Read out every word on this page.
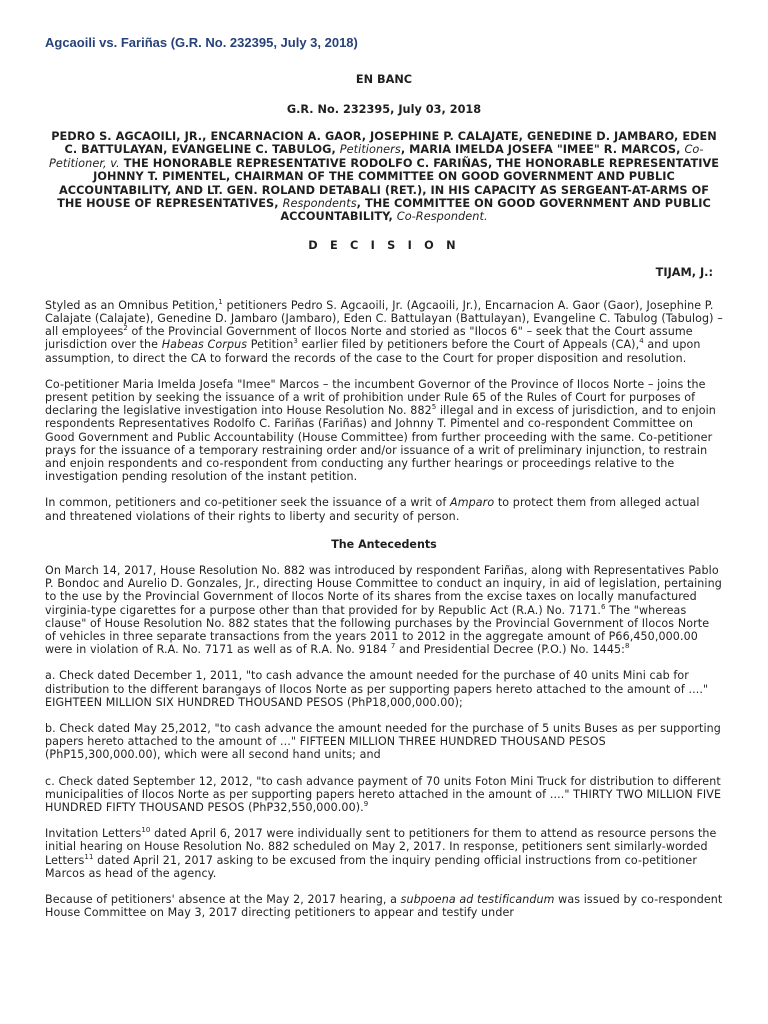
Agcaoili vs. Fariñas (G.R. No. 232395, July 3, 2018)
EN BANC
G.R. No. 232395, July 03, 2018
PEDRO S. AGCAOILI, JR., ENCARNACION A. GAOR, JOSEPHINE P. CALAJATE, GENEDINE D. JAMBARO, EDEN C. BATTULAYAN, EVANGELINE C. TABULOG, Petitioners, MARIA IMELDA JOSEFA "IMEE" R. MARCOS, Co-Petitioner, v. THE HONORABLE REPRESENTATIVE RODOLFO C. FARIÑAS, THE HONORABLE REPRESENTATIVE JOHNNY T. PIMENTEL, CHAIRMAN OF THE COMMITTEE ON GOOD GOVERNMENT AND PUBLIC ACCOUNTABILITY, AND LT. GEN. ROLAND DETABALI (RET.), IN HIS CAPACITY AS SERGEANT-AT-ARMS OF THE HOUSE OF REPRESENTATIVES, Respondents, THE COMMITTEE ON GOOD GOVERNMENT AND PUBLIC ACCOUNTABILITY, Co-Respondent.
D E C I S I O N
TIJAM, J.:

Styled as an Omnibus Petition,$^1$ petitioners Pedro S. Agcaoili, Jr. (Agcaoili, Jr.), Encarnacion A. Gaor (Gaor), Josephine P. Calajate (Calajate), Genedine D. Jambaro (Jambaro), Eden C. Battulayan (Battulayan), Evangeline C. Tabulog (Tabulog) – all employees$^2$ of the Provincial Government of Ilocos Norte and storied as "Ilocos 6" – seek that the Court assume jurisdiction over the Habeas Corpus Petition$^3$ earlier filed by petitioners before the Court of Appeals (CA),$^4$ and upon assumption, to direct the CA to forward the records of the case to the Court for proper disposition and resolution.

Co-petitioner Maria Imelda Josefa "Imee" Marcos – the incumbent Governor of the Province of Ilocos Norte – joins the present petition by seeking the issuance of a writ of prohibition under Rule 65 of the Rules of Court for purposes of declaring the legislative investigation into House Resolution No. $882^5$ illegal and in excess of jurisdiction, and to enjoin respondents Representatives Rodolfo C. Fariñas (Fariñas) and Johnny T. Pimentel and co-respondent Committee on Good Government and Public Accountability (House Committee) from further proceeding with the same. Co-petitioner prays for the issuance of a temporary restraining order and/or issuance of a writ of preliminary injunction, to restrain and enjoin respondents and co-respondent from conducting any further hearings or proceedings relative to the investigation pending resolution of the instant petition.

In common, petitioners and co-petitioner seek the issuance of a writ of Amparo to protect them from alleged actual and threatened violations of their rights to liberty and security of person.

The Antecedents

On March 14, 2017, House Resolution No. 882 was introduced by respondent Fariñas, along with Representatives Pablo P. Bondoc and Aurelio D. Gonzales, Jr., directing House Committee to conduct an inquiry, in aid of legislation, pertaining to the use by the Provincial Government of Ilocos Norte of its shares from the excise taxes on locally manufactured virginia-type cigarettes for a purpose other than that provided for by Republic Act (R.A.) No. 7171.$^6$ The "whereas clause" of House Resolution No. 882 states that the following purchases by the Provincial Government of Ilocos Norte of vehicles in three separate transactions from the years 2011 to 2012 in the aggregate amount of P66,450,000.00 were in violation of R.A. No. 7171 as well as of R.A. No. 9184 $^7$ and Presidential Decree (P.O.) No. 1445:$^8$

a. Check dated December 1, 2011, "to cash advance the amount needed for the purchase of 40 units Mini cab for distribution to the different barangays of Ilocos Norte as per supporting papers hereto attached to the amount of ...." EIGHTEEN MILLION SIX HUNDRED THOUSAND PESOS (PhP18,000,000.00);

b. Check dated May 25,2012, "to cash advance the amount needed for the purchase of 5 units Buses as per supporting papers hereto attached to the amount of ..." FIFTEEN MILLION THREE HUNDRED THOUSAND PESOS (PhP15,300,000.00), which were all second hand units; and

c. Check dated September 12, 2012, "to cash advance payment of 70 units Foton Mini Truck for distribution to different municipalities of Ilocos Norte as per supporting papers hereto attached in the amount of ...." THIRTY TWO MILLION FIVE HUNDRED FIFTY THOUSAND PESOS (PhP32,550,000.00).$^9$

Invitation Letters$^{10}$ dated April 6, 2017 were individually sent to petitioners for them to attend as resource persons the initial hearing on House Resolution No. 882 scheduled on May 2, 2017. In response, petitioners sent similarly-worded Letters$^{11}$ dated April 21, 2017 asking to be excused from the inquiry pending official instructions from co-petitioner Marcos as head of the agency.

Because of petitioners' absence at the May 2, 2017 hearing, a subpoena ad testificandum was issued by co-respondent House Committee on May 3, 2017 directing petitioners to appear and testify under
